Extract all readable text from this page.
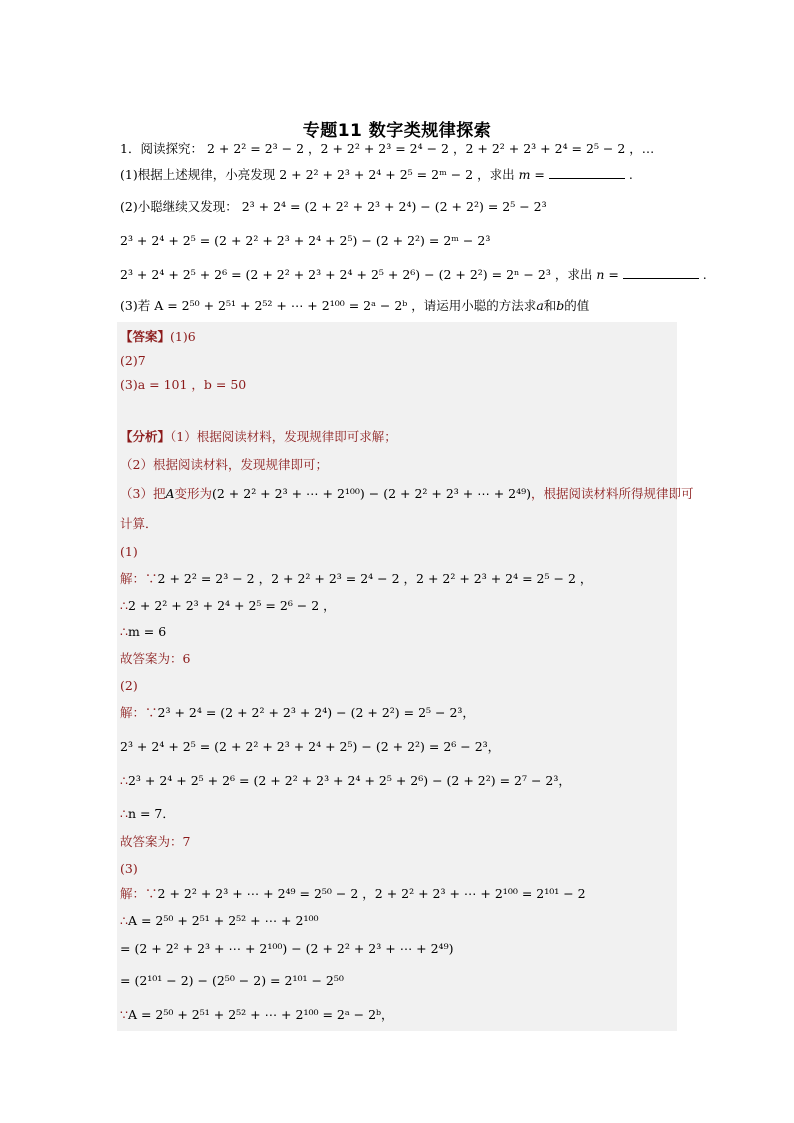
专题11 数字类规律探索
1．阅读探究： 2 + 2² = 2³ − 2 ，2 + 2² + 2³ = 2⁴ − 2 ，2 + 2² + 2³ + 2⁴ = 2⁵ − 2 ，…
(1)根据上述规律，小亮发现 2 + 2² + 2³ + 2⁴ + 2⁵ = 2ᵐ − 2 ，求出 m =	.
(2)小聪继续又发现： 2³ + 2⁴ = (2 + 2² + 2³ + 2⁴) − (2 + 2²) = 2⁵ − 2³
2³ + 2⁴ + 2⁵ = (2 + 2² + 2³ + 2⁴ + 2⁵) − (2 + 2²) = 2ᵐ − 2³
2³ + 2⁴ + 2⁵ + 2⁶ = (2 + 2² + 2³ + 2⁴ + 2⁵ + 2⁶) − (2 + 2²) = 2ⁿ − 2³ ，求出 n =	.
(3)若 A = 2⁵⁰ + 2⁵¹ + 2⁵² + ⋯ + 2¹⁰⁰ = 2ᵃ − 2ᵇ ，请运用小聪的方法求a和b的值
【答案】(1)6
(2)7
(3)a = 101 ，b = 50
【分析】（1）根据阅读材料，发现规律即可求解；
（2）根据阅读材料，发现规律即可；
（3）把A变形为(2 + 2² + 2³ + ⋯ + 2¹⁰⁰) − (2 + 2² + 2³ + ⋯ + 2⁴⁹)，根据阅读材料所得规律即可
计算．
(1)
解：∵2 + 2² = 2³ − 2 ，2 + 2² + 2³ = 2⁴ − 2 ，2 + 2² + 2³ + 2⁴ = 2⁵ − 2 ，
∴2 + 2² + 2³ + 2⁴ + 2⁵ = 2⁶ − 2 ，
∴m = 6
故答案为：6
(2)
解：∵2³ + 2⁴ = (2 + 2² + 2³ + 2⁴) − (2 + 2²) = 2⁵ − 2³，
2³ + 2⁴ + 2⁵ = (2 + 2² + 2³ + 2⁴ + 2⁵) − (2 + 2²) = 2⁶ − 2³，
∴2³ + 2⁴ + 2⁵ + 2⁶ = (2 + 2² + 2³ + 2⁴ + 2⁵ + 2⁶) − (2 + 2²) = 2⁷ − 2³，
∴n = 7．
故答案为：7
(3)
解：∵2 + 2² + 2³ + ⋯ + 2⁴⁹ = 2⁵⁰ − 2 ，2 + 2² + 2³ + ⋯ + 2¹⁰⁰ = 2¹⁰¹ − 2
∴A = 2⁵⁰ + 2⁵¹ + 2⁵² + ⋯ + 2¹⁰⁰
= (2 + 2² + 2³ + ⋯ + 2¹⁰⁰) − (2 + 2² + 2³ + ⋯ + 2⁴⁹)
= (2¹⁰¹ − 2) − (2⁵⁰ − 2) = 2¹⁰¹ − 2⁵⁰
∵A = 2⁵⁰ + 2⁵¹ + 2⁵² + ⋯ + 2¹⁰⁰ = 2ᵃ − 2ᵇ，
